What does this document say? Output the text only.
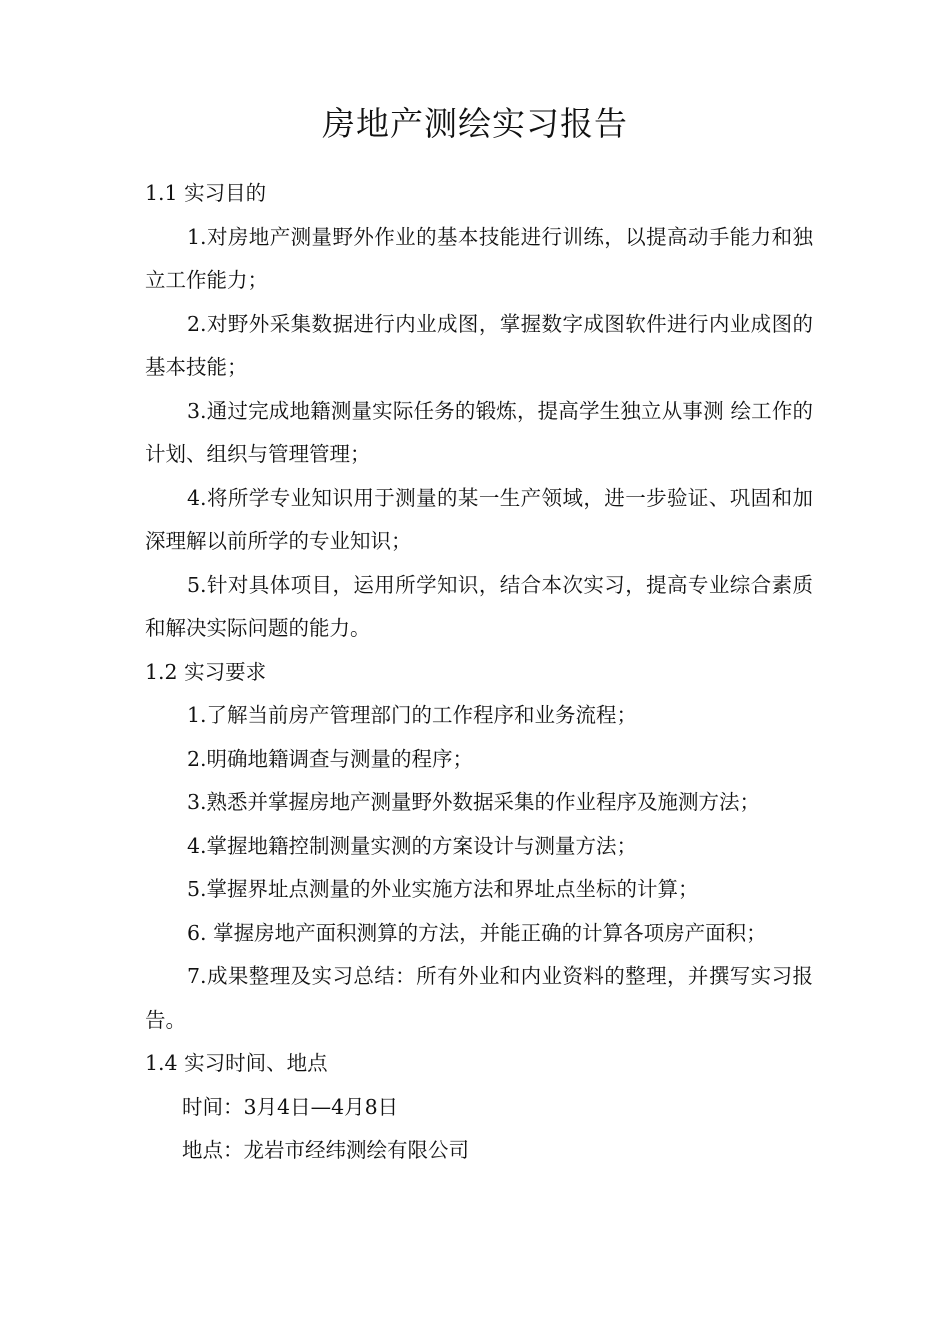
房地产测绘实习报告

1.1 实习目的

1.对房地产测量野外作业的基本技能进行训练，以提高动手能力和独立工作能力；

2.对野外采集数据进行内业成图，掌握数字成图软件进行内业成图的基本技能；

3.通过完成地籍测量实际任务的锻炼，提高学生独立从事测 绘工作的计划、组织与管理管理；

4.将所学专业知识用于测量的某一生产领域，进一步验证、巩固和加深理解以前所学的专业知识；

5.针对具体项目，运用所学知识，结合本次实习，提高专业综合素质和解决实际问题的能力。

1.2 实习要求

1.了解当前房产管理部门的工作程序和业务流程；

2.明确地籍调查与测量的程序；

3.熟悉并掌握房地产测量野外数据采集的作业程序及施测方法；

4.掌握地籍控制测量实测的方案设计与测量方法；

5.掌握界址点测量的外业实施方法和界址点坐标的计算；

6. 掌握房地产面积测算的方法，并能正确的计算各项房产面积；

7.成果整理及实习总结：所有外业和内业资料的整理，并撰写实习报告。

1.4 实习时间、地点

时间：3月4日—4月8日

地点：龙岩市经纬测绘有限公司
